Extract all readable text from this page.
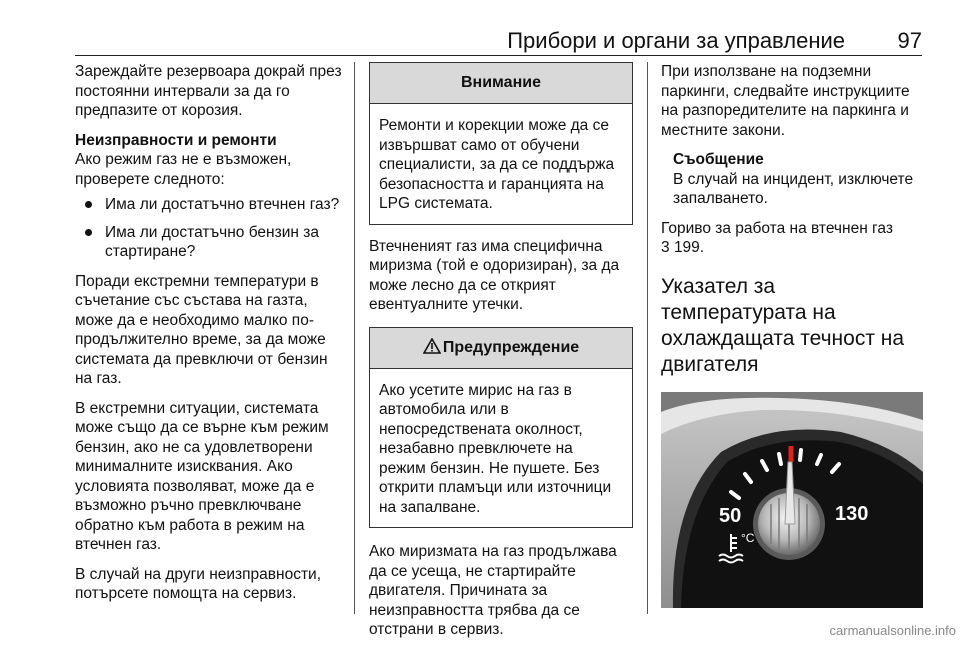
Прибори и органи за управление 97

Зареждайте резервоара докрай през постоянни интервали за да го предпазите от корозия.

Неизправности и ремонти
Ако режим газ не е възможен, проверете следното:

Има ли достатъчно втечнен газ?
Има ли достатъчно бензин за стартиране?

Поради екстремни температури в съчетание със състава на газта, може да е необходимо малко по-продължително време, за да може системата да превключи от бензин на газ.

В екстремни ситуации, системата може също да се върне към режим бензин, ако не са удовлетворени минималните изисквания. Ако условията позволяват, може да е възможно ръчно превключване обратно към работа в режим на втечнен газ.

В случай на други неизправности, потърсете помощта на сервиз.

Внимание
Ремонти и корекции може да се извършват само от обучени специалисти, за да се поддържа безопасността и гаранцията на LPG системата.

Втечненият газ има специфична миризма (той е одоризиран), за да може лесно да се открият евентуалните утечки.

Предупреждение
Ако усетите мирис на газ в автомобила или в непосредствената околност, незабавно превключете на режим бензин. Не пушете. Без открити пламъци или източници на запалване.

Ако миризмата на газ продължава да се усеща, не стартирайте двигателя. Причината за неизправността трябва да се отстрани в сервиз.

При използване на подземни паркинги, следвайте инструкциите на разпоредителите на паркинга и местните закони.

Съобщение
В случай на инцидент, изключете запалването.

Гориво за работа на втечнен газ
3 199.

Указател за температурата на охлаждащата течност на двигателя
50	130
°C
carmanualsonline.info
